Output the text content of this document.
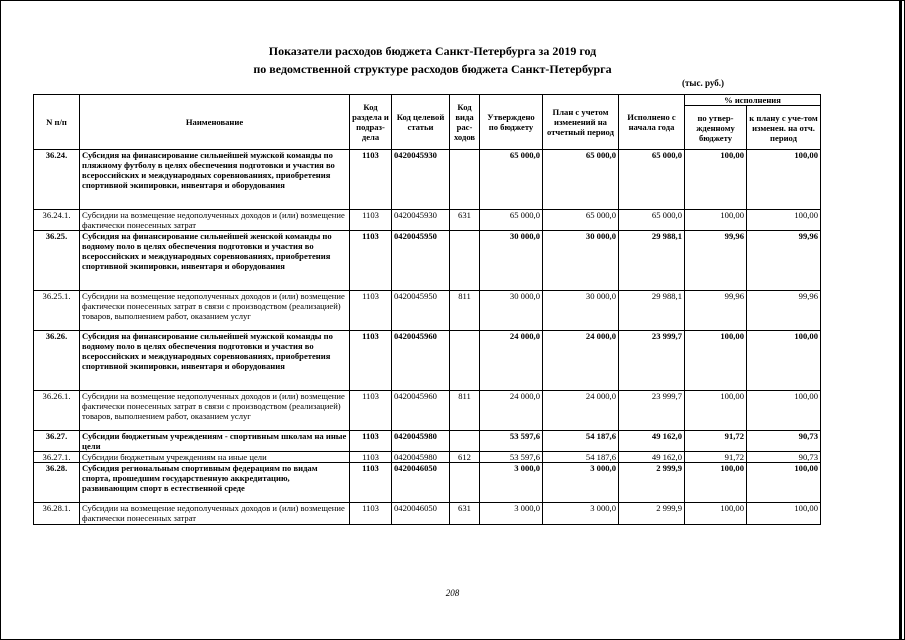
Показатели расходов бюджета Санкт-Петербурга за 2019 год
по ведомственной структуре расходов бюджета Санкт-Петербурга
(тыс. руб.)
N п/п	Наименование	Код раздела и подраз-дела	Код целевой статьи	Код вида рас-ходов	Утверждено по бюджету	План с учетом изменений на отчетный период	Исполнено с начала года	% исполнения	
								по утвер-жденному бюджету	к плану с уче-том изменен. на отч. период
36.24.	Субсидия на финансирование сильнейшей мужской команды по пляжному футболу в целях обеспечения подготовки и участия во всероссийских и международных соревнованиях, приобретения спортивной экипировки, инвентаря и оборудования	1103	0420045930		65 000,0	65 000,0	65 000,0	100,00	100,00
36.24.1.	Субсидии на возмещение недополученных доходов и (или) возмещение фактически понесенных затрат	1103	0420045930	631	65 000,0	65 000,0	65 000,0	100,00	100,00
36.25.	Субсидия на финансирование сильнейшей женской команды по водному поло в целях обеспечения подготовки и участия во всероссийских и международных соревнованиях, приобретения спортивной экипировки, инвентаря и оборудования	1103	0420045950		30 000,0	30 000,0	29 988,1	99,96	99,96
36.25.1.	Субсидии на возмещение недополученных доходов и (или) возмещение фактически понесенных затрат в связи с производством (реализацией) товаров, выполнением работ, оказанием услуг	1103	0420045950	811	30 000,0	30 000,0	29 988,1	99,96	99,96
36.26.	Субсидия на финансирование сильнейшей мужской команды по водному поло в целях обеспечения подготовки и участия во всероссийских и международных соревнованиях, приобретения спортивной экипировки, инвентаря и оборудования	1103	0420045960		24 000,0	24 000,0	23 999,7	100,00	100,00
36.26.1.	Субсидии на возмещение недополученных доходов и (или) возмещение фактически понесенных затрат в связи с производством (реализацией) товаров, выполнением работ, оказанием услуг	1103	0420045960	811	24 000,0	24 000,0	23 999,7	100,00	100,00
36.27.	Субсидии бюджетным учреждениям - спортивным школам на иные цели	1103	0420045980		53 597,6	54 187,6	49 162,0	91,72	90,73
36.27.1.	Субсидии бюджетным учреждениям на иные цели	1103	0420045980	612	53 597,6	54 187,6	49 162,0	91,72	90,73
36.28.	Субсидия региональным спортивным федерациям по видам спорта, прошедшим государственную аккредитацию, развивающим спорт в естественной среде	1103	0420046050		3 000,0	3 000,0	2 999,9	100,00	100,00
36.28.1.	Субсидии на возмещение недополученных доходов и (или) возмещение фактически понесенных затрат	1103	0420046050	631	3 000,0	3 000,0	2 999,9	100,00	100,00
208
